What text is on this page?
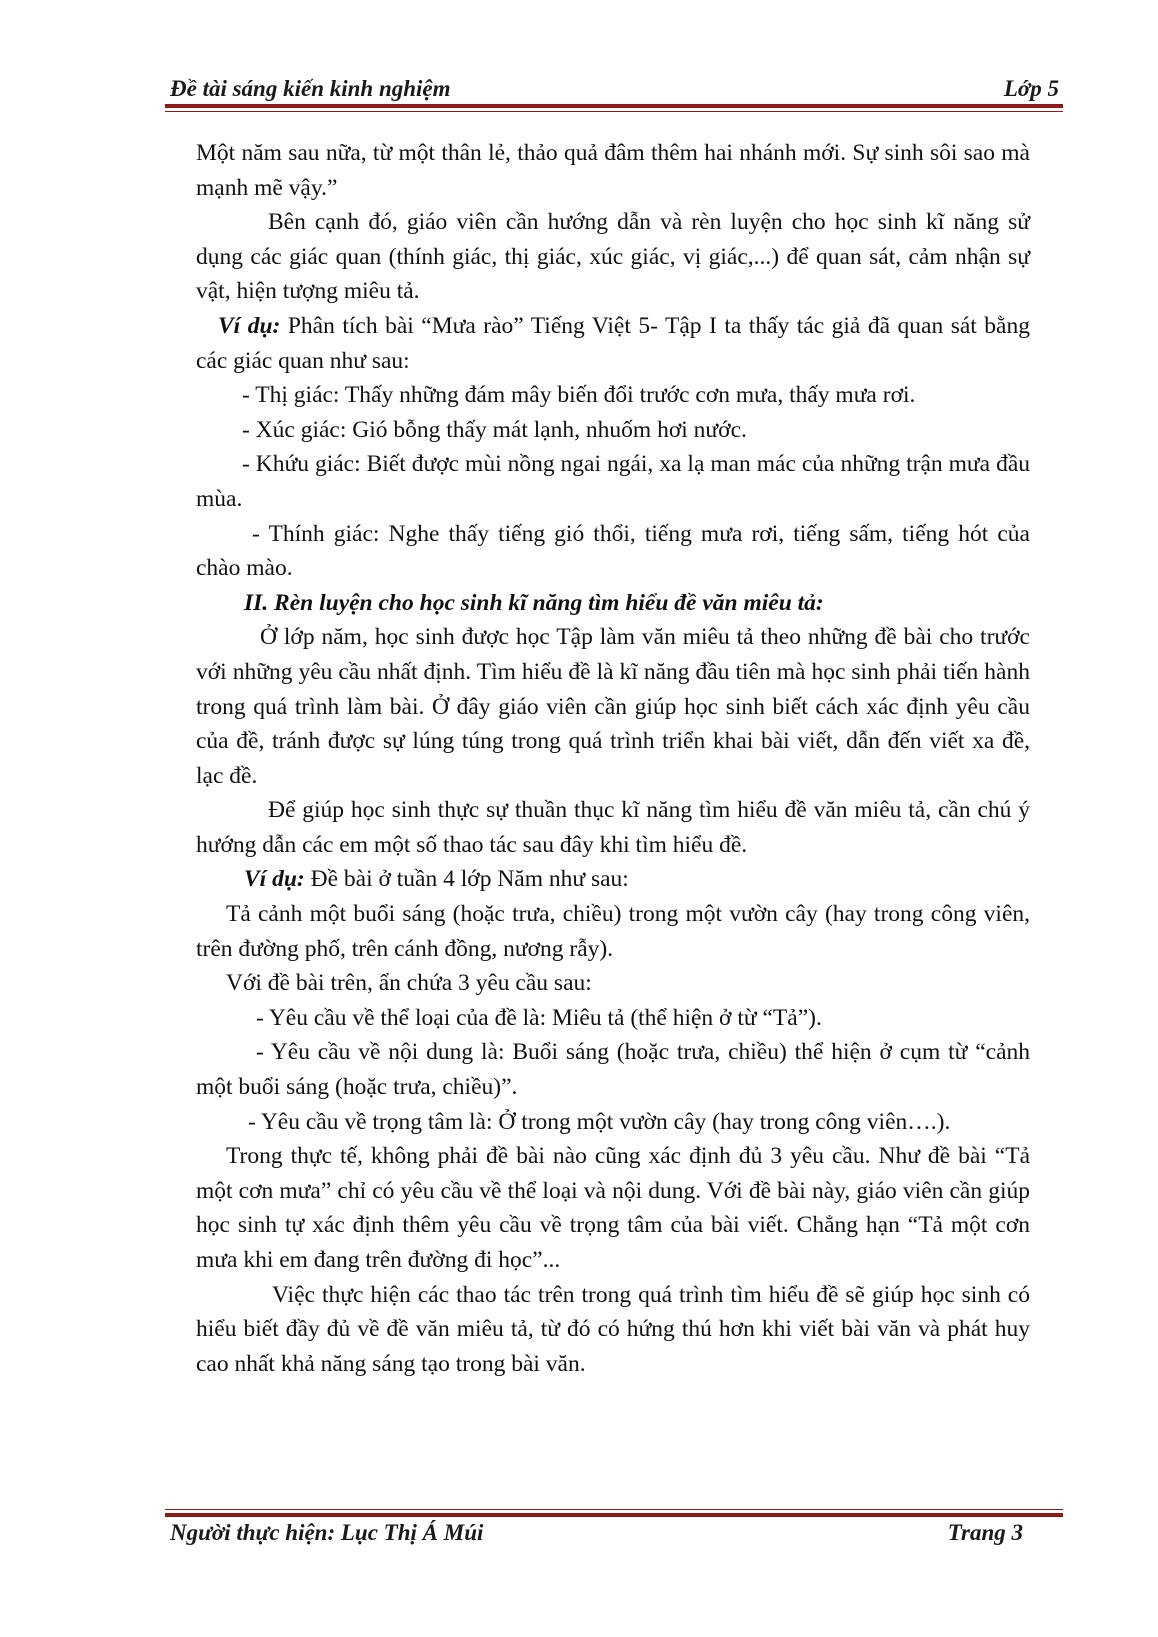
Đề tài sáng kiến kinh nghiệm	Lớp 5

Một năm sau nữa, từ một thân lẻ, thảo quả đâm thêm hai nhánh mới. Sự sinh sôi sao mà mạnh mẽ vậy.”

Bên cạnh đó, giáo viên cần hướng dẫn và rèn luyện cho học sinh kĩ năng sử dụng các giác quan (thính giác, thị giác, xúc giác, vị giác,...) để quan sát, cảm nhận sự vật, hiện tượng miêu tả.

Ví dụ: Phân tích bài “Mưa rào” Tiếng Việt 5- Tập I ta thấy tác giả đã quan sát bằng các giác quan như sau:

- Thị giác: Thấy những đám mây biến đổi trước cơn mưa, thấy mưa rơi.

- Xúc giác: Gió bỗng thấy mát lạnh, nhuốm hơi nước.

- Khứu giác: Biết được mùi nồng ngai ngái, xa lạ man mác của những trận mưa đầu mùa.

- Thính giác: Nghe thấy tiếng gió thổi, tiếng mưa rơi, tiếng sấm, tiếng hót của chào mào.

II. Rèn luyện cho học sinh kĩ năng tìm hiểu đề văn miêu tả:

Ở lớp năm, học sinh được học Tập làm văn miêu tả theo những đề bài cho trước với những yêu cầu nhất định. Tìm hiểu đề là kĩ năng đầu tiên mà học sinh phải tiến hành trong quá trình làm bài. Ở đây giáo viên cần giúp học sinh biết cách xác định yêu cầu của đề, tránh được sự lúng túng trong quá trình triển khai bài viết, dẫn đến viết xa đề, lạc đề.

Để giúp học sinh thực sự thuần thục kĩ năng tìm hiểu đề văn miêu tả, cần chú ý hướng dẫn các em một số thao tác sau đây khi tìm hiểu đề.

Ví dụ: Đề bài ở tuần 4 lớp Năm như sau:

Tả cảnh một buổi sáng (hoặc trưa, chiều) trong một vườn cây (hay trong công viên, trên đường phố, trên cánh đồng, nương rẫy).

Với đề bài trên, ẩn chứa 3 yêu cầu sau:

- Yêu cầu về thể loại của đề là: Miêu tả (thể hiện ở từ “Tả”).

- Yêu cầu về nội dung là: Buổi sáng (hoặc trưa, chiều) thể hiện ở cụm từ “cảnh một buổi sáng (hoặc trưa, chiều)”.

- Yêu cầu về trọng tâm là: Ở trong một vườn cây (hay trong công viên….).

Trong thực tế, không phải đề bài nào cũng xác định đủ 3 yêu cầu. Như đề bài “Tả một cơn mưa” chỉ có yêu cầu về thể loại và nội dung. Với đề bài này, giáo viên cần giúp học sinh tự xác định thêm yêu cầu về trọng tâm của bài viết. Chẳng hạn “Tả một cơn mưa khi em đang trên đường đi học”...

Việc thực hiện các thao tác trên trong quá trình tìm hiểu đề sẽ giúp học sinh có hiểu biết đầy đủ về đề văn miêu tả, từ đó có hứng thú hơn khi viết bài văn và phát huy cao nhất khả năng sáng tạo trong bài văn.

Người thực hiện: Lục Thị Á Múi	Trang 3
